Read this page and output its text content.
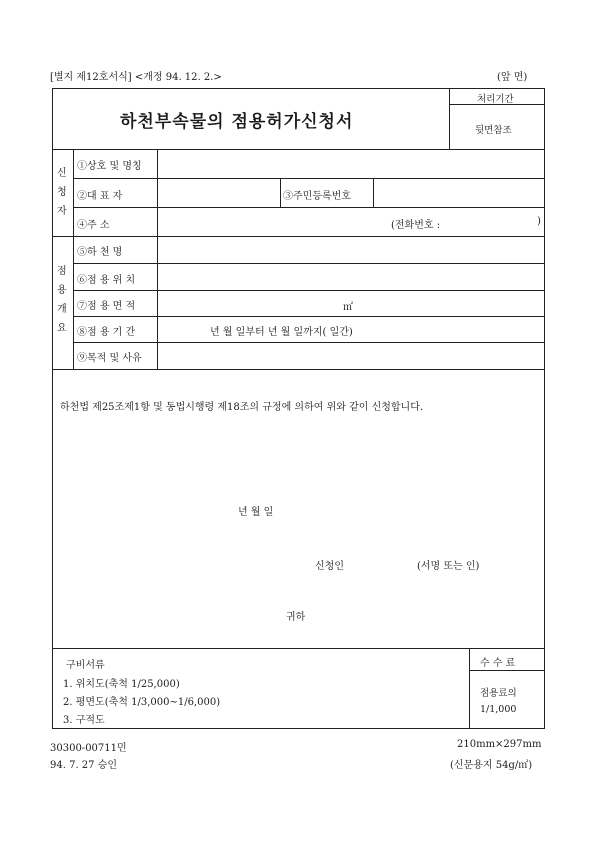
[별지 제12호서식] <개정 94. 12. 2.>	(앞 면)
하천부속물의 점용허가신청서
처리기간
뒷면참조
신
청
자
①상호 및 명칭
②대 표 자	③주민등록번호
④주 소	(전화번호 :	)
점
용
개
요
⑤하 천 명
⑥점 용 위 치
⑦점 용 면 적	㎡
⑧점 용 기 간	년 월 일부터 년 월 일까지( 일간)
⑨목적 및 사유
하천법 제25조제1항 및 동법시행령 제18조의 규정에 의하여 위와 같이 신청합니다.
년 월 일
신청인	(서명 또는 인)
귀하
구비서류
1. 위치도(축척 1/25,000)
2. 평면도(축척 1/3,000∼1/6,000)
3. 구적도
수 수 료
점용료의
1/1,000
30300-00711민
94. 7. 27 승인
210mm×297mm
(신문용지 54g/㎡)
